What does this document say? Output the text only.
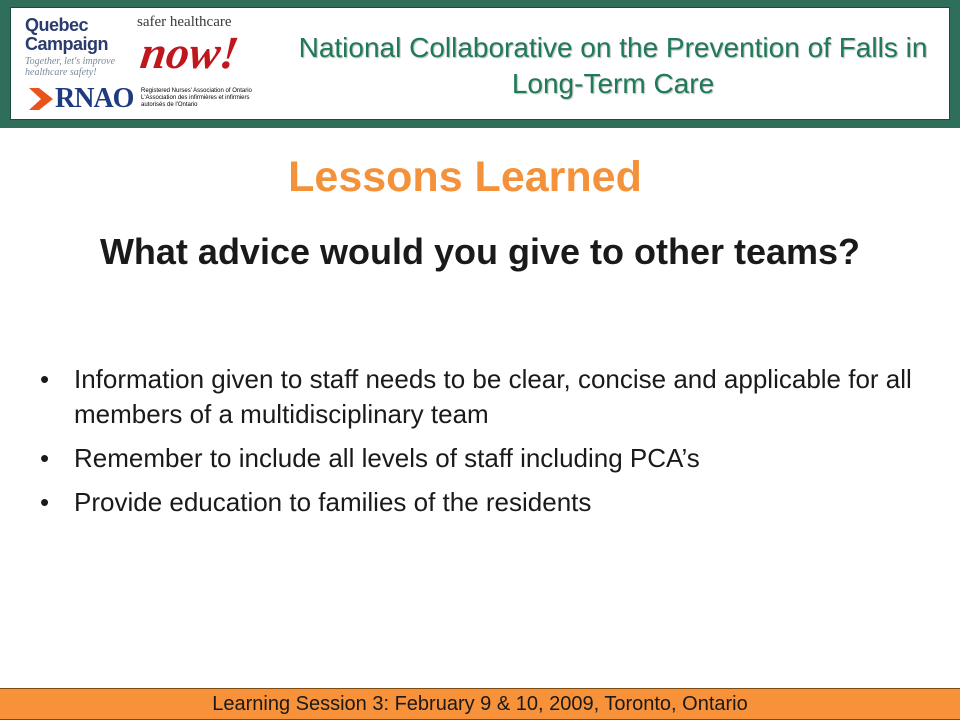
Quebec
Campaign
Together, let's improve
healthcare safety!
safer healthcare
now!
RNAO Registered Nurses' Association of Ontario
L'Association des infirmières et infirmiers
autorisés de l'Ontario
National Collaborative on the Prevention of Falls in Long-Term Care
Lessons Learned
What advice would you give to other teams?
• Information given to staff needs to be clear, concise and applicable for all members of a multidisciplinary team
• Remember to include all levels of staff including PCA’s
• Provide education to families of the residents
Learning Session 3: February 9 & 10, 2009, Toronto, Ontario
